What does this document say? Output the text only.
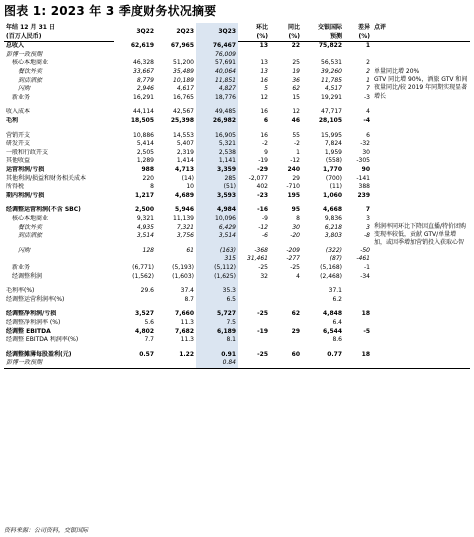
图表 1: 2023 年 3 季度财务状况摘要
年结 12 月 31 日	3Q22	2Q23	3Q23	环比	同比	交银国际	差异	点评
(百万人民币)				(%)	(%)	预测	(%)	
总收入	62,619	67,965	76,467	13	22	75,822	1	
彭博一致预期			76,009					
核心本地商业	46,328	51,200	57,691	13	25	56,531	2	
餐饮外卖	33,667	35,489	40,064	13	19	39,260	2	单量同比增 20%
到店酒旅	8,779	10,189	11,851	16	36	11,785	1	GTV 同比增 90%，酒旅 GTV 和间夜量同比/较 2019 年同期实现显著增长

闪购	2,946	4,617	4,827	5	62	4,517	7	
新业务	16,291	16,765	18,776	12	15	19,291	-3	

收入成本	44,114	42,567	49,485	16	12	47,717	4	
毛利	18,505	25,398	26,982	6	46	28,105	-4	

营销开支	10,886	14,553	16,905	16	55	15,995	6	
研发开支	5,414	5,407	5,321	-2	-2	7,824	-32	
一般和行政开支	2,505	2,319	2,538	9	1	1,959	30	
其他收益	1,289	1,414	1,141	-19	-12	(558)	-305	
运营利润/亏损	988	4,713	3,359	-29	240	1,770	90	
其他利润/损益和财务相关成本	220	(14)	285	-2,077	29	(700)	-141	
所得税	8	10	(51)	402	-710	(11)	388	
期内利润/亏损	1,217	4,689	3,593	-23	195	1,060	239	

经调整运营利润(不含 SBC)	2,500	5,946	4,984	-16	95	4,668	7	
核心本地商业	9,321	11,139	10,096	-9	8	9,836	3	
餐饮外卖	4,935	7,321	6,429	-12	30	6,218	3	利润率同环比下降因直播/特价团购变现率较低，贡献 GTV/单量增加，或因季增加营销投入获取心智

到店酒旅	3,514	3,756	3,514	-6	-20	3,803	-8	

闪购	128	61	(163)	-368	-209	(322)	-50	
			315	31,461	-277	(87)	-461	
新业务	(6,771)	(5,193)	(5,112)	-25	-25	(5,168)	-1	
经调整利润	(1,562)	(1,603)	(1,625)	32	4	(2,468)	-34	

毛利率(%)	29.6	37.4	35.3			37.1		
经调整运营利润率(%)		8.7	6.5			6.2		

经调整净利润/亏损	3,527	7,660	5,727	-25	62	4,848	18	
经调整净利润率 (%)	5.6	11.3	7.5			6.4		
经调整 EBITDA	4,802	7,682	6,189	-19	29	6,544	-5	
经调整 EBITDA 利润率(%)	7.7	11.3	8.1			8.6		

经调整摊薄每股盈利(元)	0.57	1.22	0.91	-25	60	0.77	18	
彭博一致预期			0.84					
资料来源：公司资料，交银国际
